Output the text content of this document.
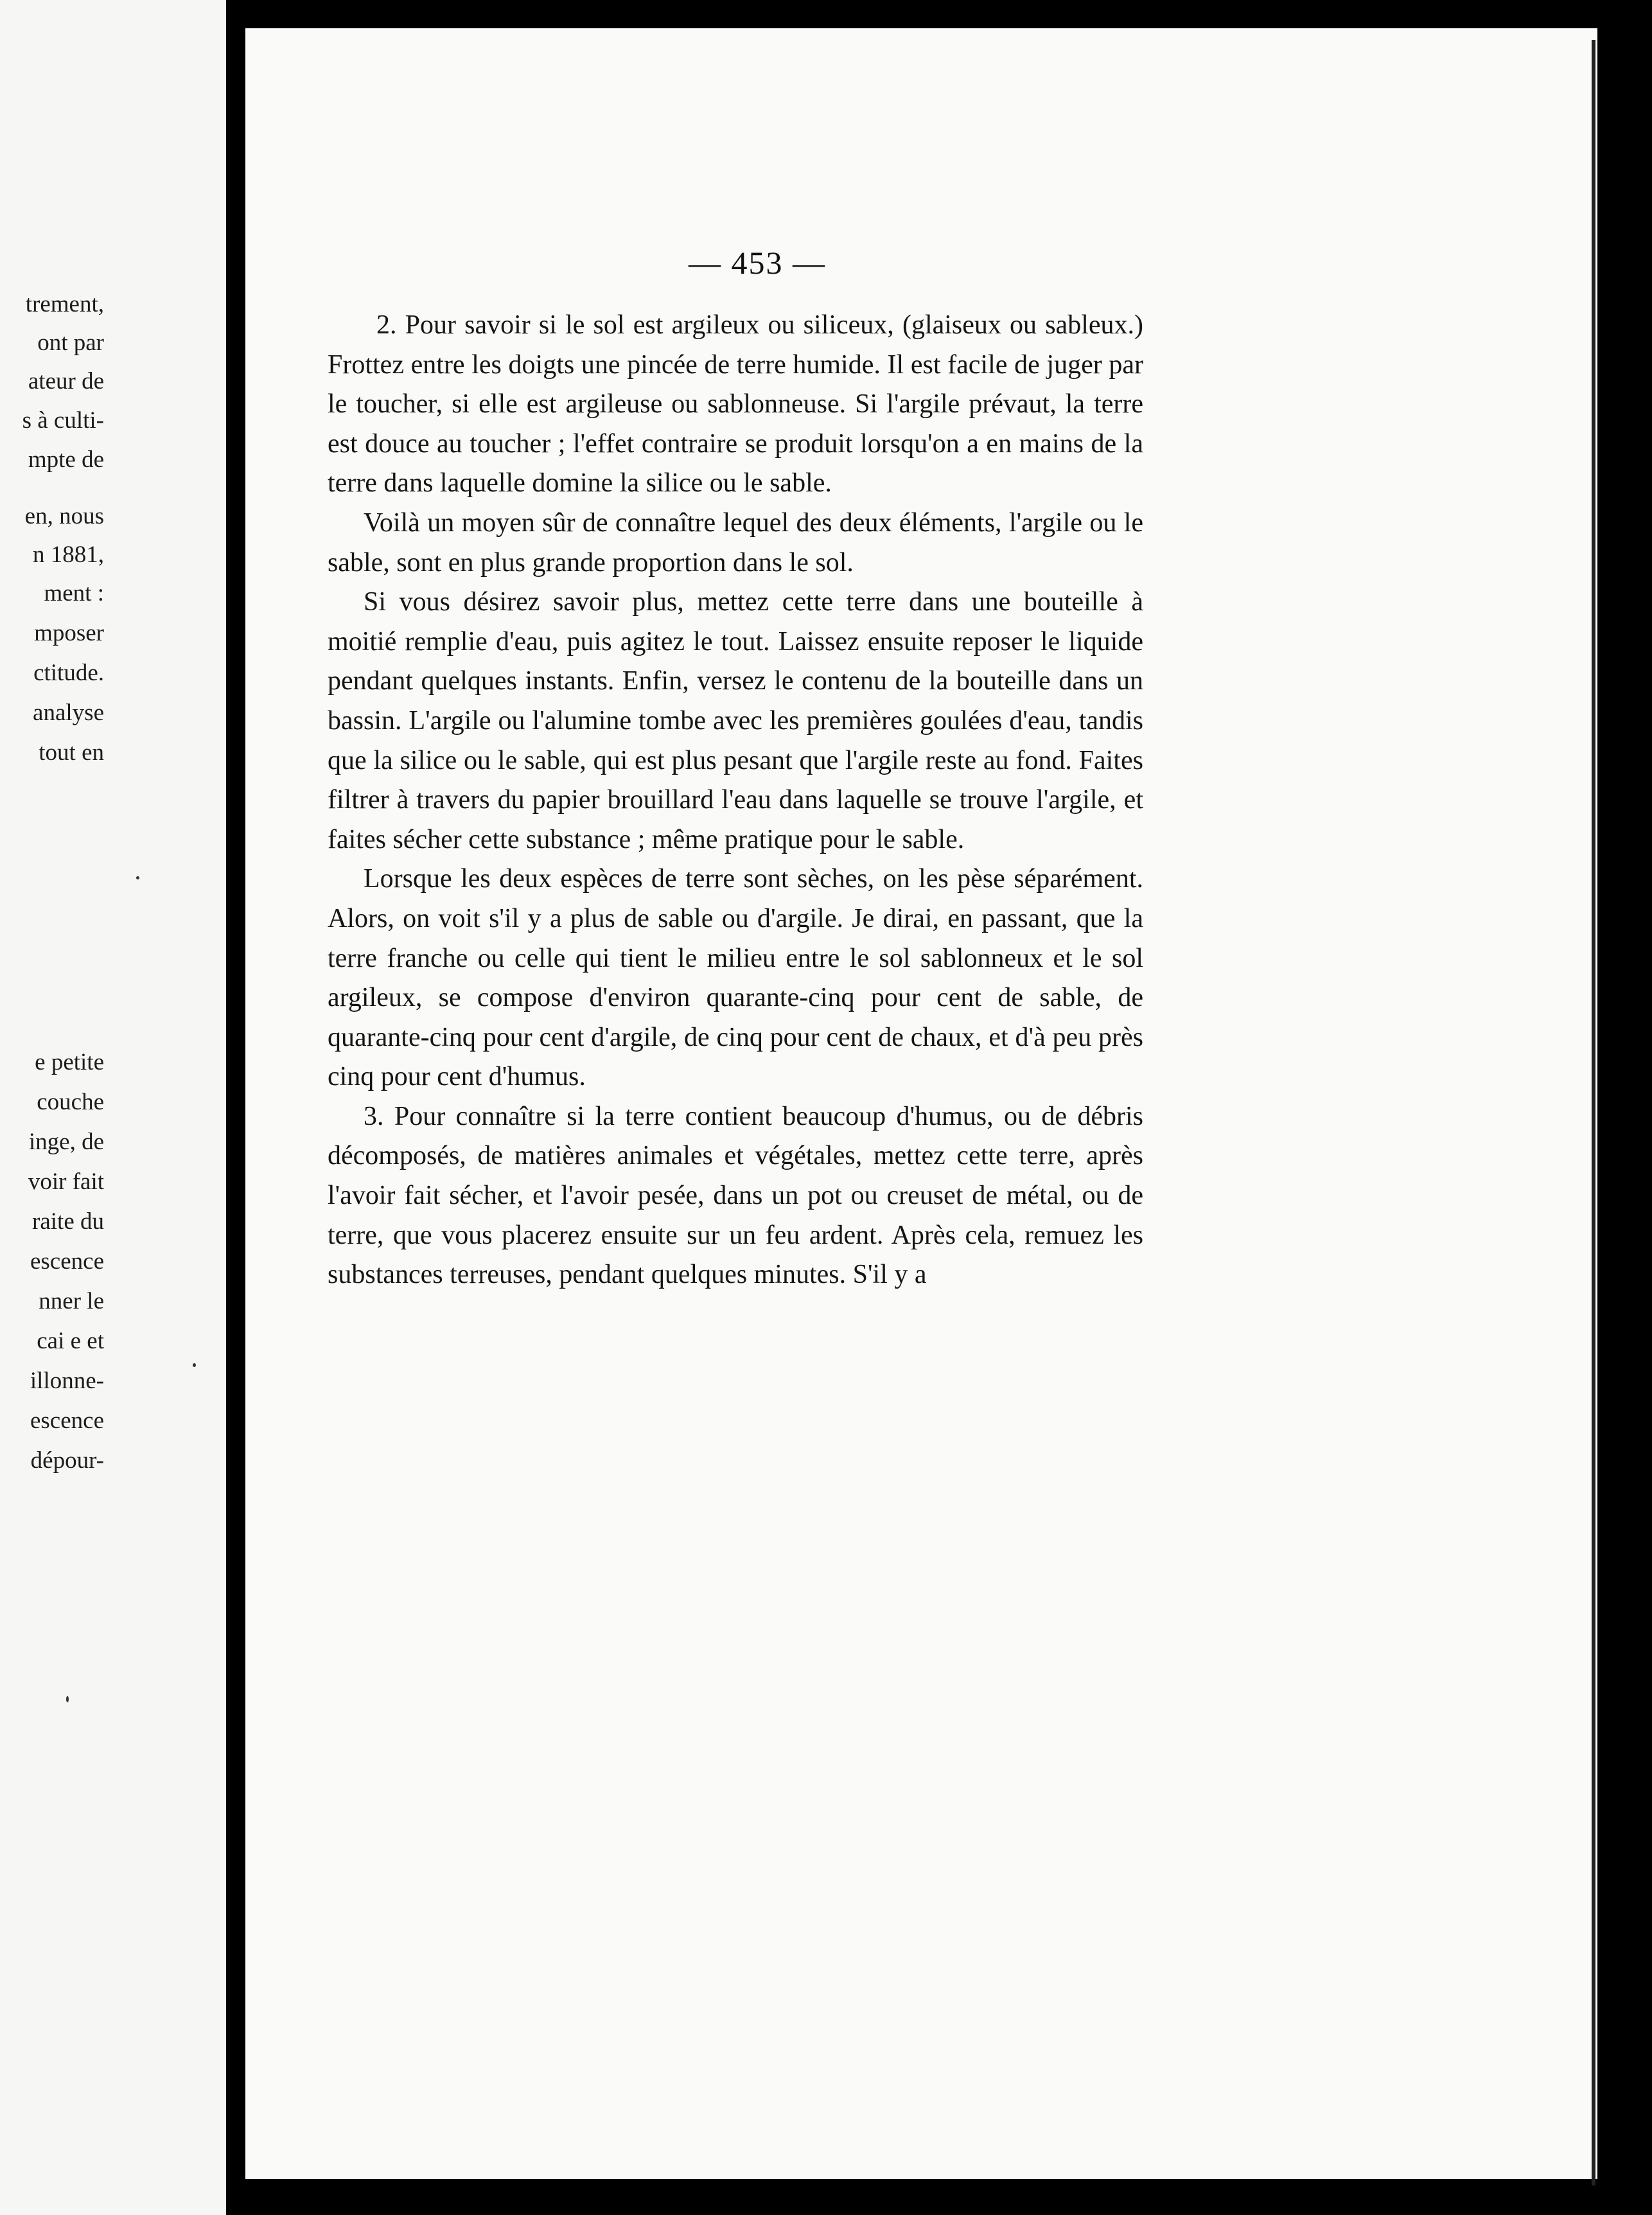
trement,
ont par
ateur de
s à culti-
mpte de
en, nous
n 1881,
ment :
mposer
ctitude.
analyse
tout en
e petite
couche
inge, de
voir fait
raite du
escence
nner le
cai e et
illonne-
escence
dépour-
— 453 —

2. Pour savoir si le sol est argileux ou siliceux, (glaiseux ou sableux.) Frottez entre les doigts une pincée de terre humide. Il est facile de juger par le toucher, si elle est argileuse ou sablonneuse. Si l'argile prévaut, la terre est douce au toucher ; l'effet contraire se produit lorsqu'on a en mains de la terre dans laquelle domine la silice ou le sable.

Voilà un moyen sûr de connaître lequel des deux éléments, l'argile ou le sable, sont en plus grande proportion dans le sol.

Si vous désirez savoir plus, mettez cette terre dans une bouteille à moitié remplie d'eau, puis agitez le tout. Laissez ensuite reposer le liquide pendant quelques instants. Enfin, versez le contenu de la bouteille dans un bassin. L'argile ou l'alumine tombe avec les premières goulées d'eau, tandis que la silice ou le sable, qui est plus pesant que l'argile reste au fond. Faites filtrer à travers du papier brouillard l'eau dans laquelle se trouve l'argile, et faites sécher cette substance ; même pratique pour le sable.

Lorsque les deux espèces de terre sont sèches, on les pèse séparément. Alors, on voit s'il y a plus de sable ou d'argile. Je dirai, en passant, que la terre franche ou celle qui tient le milieu entre le sol sablonneux et le sol argileux, se compose d'environ quarante-cinq pour cent de sable, de quarante-cinq pour cent d'argile, de cinq pour cent de chaux, et d'à peu près cinq pour cent d'humus.

3. Pour connaître si la terre contient beaucoup d'humus, ou de débris décomposés, de matières animales et végétales, mettez cette terre, après l'avoir fait sécher, et l'avoir pesée, dans un pot ou creuset de métal, ou de terre, que vous placerez ensuite sur un feu ardent. Après cela, remuez les substances terreuses, pendant quelques minutes. S'il y a
